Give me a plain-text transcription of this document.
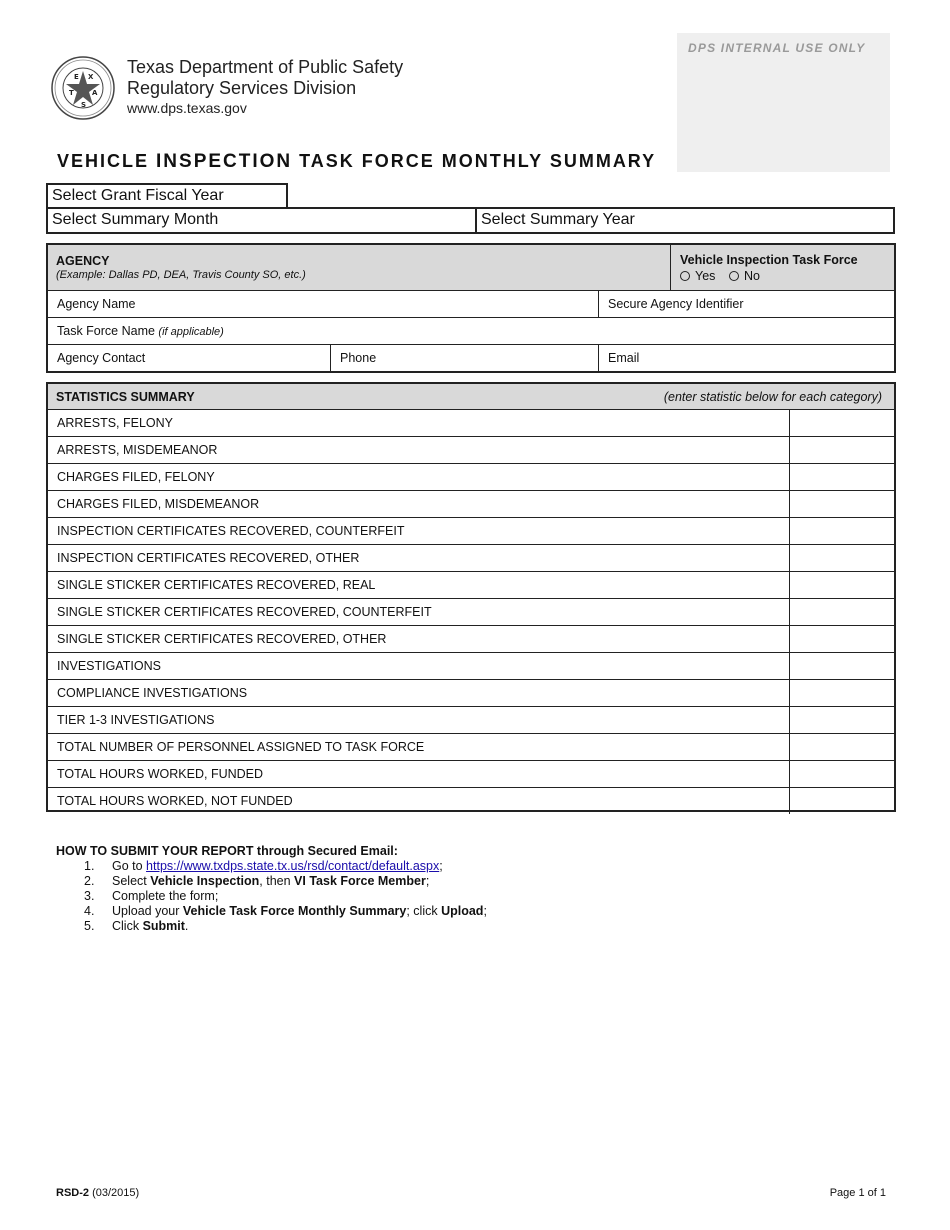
E X
T	A
S
Texas Department of Public Safety
Regulatory Services Division
www.dps.texas.gov
DPS INTERNAL USE ONLY
VEHICLE INSPECTION TASK FORCE MONTHLY SUMMARY
Select Grant Fiscal Year
Select Summary Month	Select Summary Year
AGENCY
(Example: Dallas PD, DEA, Travis County SO, etc.)
Vehicle Inspection Task Force
Yes No
Agency Name	Secure Agency Identifier
Task Force Name (if applicable)
Agency Contact	Phone	Email
STATISTICS SUMMARY	(enter statistic below for each category)
ARRESTS, FELONY
ARRESTS, MISDEMEANOR
CHARGES FILED, FELONY
CHARGES FILED, MISDEMEANOR
INSPECTION CERTIFICATES RECOVERED, COUNTERFEIT
INSPECTION CERTIFICATES RECOVERED, OTHER
SINGLE STICKER CERTIFICATES RECOVERED, REAL
SINGLE STICKER CERTIFICATES RECOVERED, COUNTERFEIT
SINGLE STICKER CERTIFICATES RECOVERED, OTHER
INVESTIGATIONS
COMPLIANCE INVESTIGATIONS
TIER 1-3 INVESTIGATIONS
TOTAL NUMBER OF PERSONNEL ASSIGNED TO TASK FORCE
TOTAL HOURS WORKED, FUNDED
TOTAL HOURS WORKED, NOT FUNDED
HOW TO SUBMIT YOUR REPORT through Secured Email:
1. Go to https://www.txdps.state.tx.us/rsd/contact/default.aspx;
2. Select Vehicle Inspection, then VI Task Force Member;
3. Complete the form;
4. Upload your Vehicle Task Force Monthly Summary; click Upload;
5. Click Submit.
RSD-2 (03/2015)	Page 1 of 1
